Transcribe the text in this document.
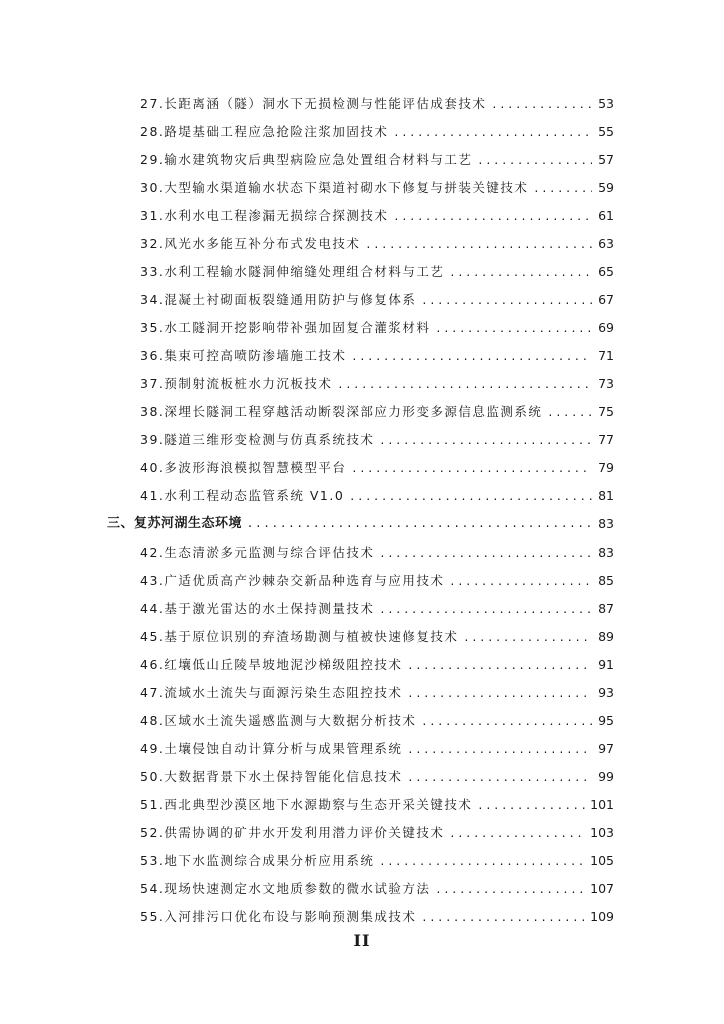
27.长距离涵（隧）洞水下无损检测与性能评估成套技术 . . .	53
28.路堤基础工程应急抢险注浆加固技术 . . .	55
29.输水建筑物灾后典型病险应急处置组合材料与工艺 . . .	57
30.大型输水渠道输水状态下渠道衬砌水下修复与拼装关键技术 . . .	59
31.水利水电工程渗漏无损综合探测技术 . . .	61
32.风光水多能互补分布式发电技术 . . .	63
33.水利工程输水隧洞伸缩缝处理组合材料与工艺 . . .	65
34.混凝土衬砌面板裂缝通用防护与修复体系 . . .	67
35.水工隧洞开挖影响带补强加固复合灌浆材料 . . .	69
36.集束可控高喷防渗墙施工技术 . . .	71
37.预制射流板桩水力沉板技术 . . .	73
38.深埋长隧洞工程穿越活动断裂深部应力形变多源信息监测系统 . . .	75
39.隧道三维形变检测与仿真系统技术 . . .	77
40.多波形海浪模拟智慧模型平台 . . .	79
41.水利工程动态监管系统 V1.0 . . .	81
三、复苏河湖生态环境 . . .	83
42.生态清淤多元监测与综合评估技术 . . .	83
43.广适优质高产沙棘杂交新品种选育与应用技术 . . .	85
44.基于激光雷达的水土保持测量技术 . . .	87
45.基于原位识别的弃渣场勘测与植被快速修复技术 . . .	89
46.红壤低山丘陵旱坡地泥沙梯级阻控技术 . . .	91
47.流域水土流失与面源污染生态阻控技术 . . .	93
48.区域水土流失遥感监测与大数据分析技术 . . .	95
49.土壤侵蚀自动计算分析与成果管理系统 . . .	97
50.大数据背景下水土保持智能化信息技术 . . .	99
51.西北典型沙漠区地下水源勘察与生态开采关键技术 . . .	101
52.供需协调的矿井水开发利用潜力评价关键技术 . . .	103
53.地下水监测综合成果分析应用系统 . . .	105
54.现场快速测定水文地质参数的微水试验方法 . . .	107
55.入河排污口优化布设与影响预测集成技术 . . .	109
II
